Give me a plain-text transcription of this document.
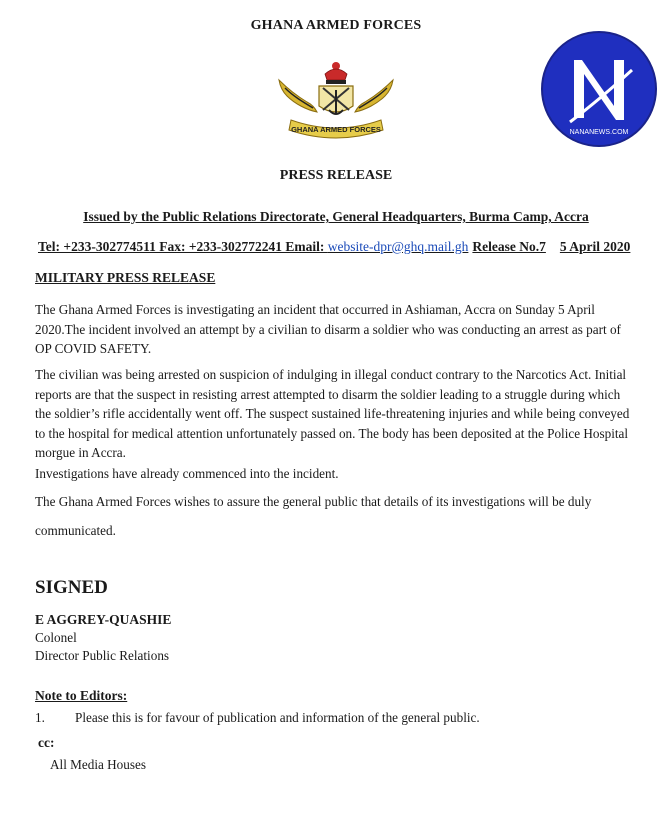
GHANA ARMED FORCES
GHANA ARMED FORCES	NANANEWS.COM
PRESS RELEASE
Issued by the Public Relations Directorate, General Headquarters, Burma Camp, Accra
Tel: +233-302774511 Fax: +233-302772241 Email: website-dpr@ghq.mail.gh Release No.7 5 April 2020
MILITARY PRESS RELEASE
The Ghana Armed Forces is investigating an incident that occurred in Ashiaman, Accra on Sunday 5 April 2020.The incident involved an attempt by a civilian to disarm a soldier who was conducting an arrest as part of OP COVID SAFETY.
The civilian was being arrested on suspicion of indulging in illegal conduct contrary to the Narcotics Act. Initial reports are that the suspect in resisting arrest attempted to disarm the soldier leading to a struggle during which the soldier’s rifle accidentally went off. The suspect sustained life-threatening injuries and while being conveyed to the hospital for medical attention unfortunately passed on. The body has been deposited at the Police Hospital morgue in Accra.
Investigations have already commenced into the incident.
The Ghana Armed Forces wishes to assure the general public that details of its investigations will be duly
communicated.
SIGNED
E AGGREY-QUASHIE
Colonel
Director Public Relations
Note to Editors:
1. Please this is for favour of publication and information of the general public.
cc:
All Media Houses
